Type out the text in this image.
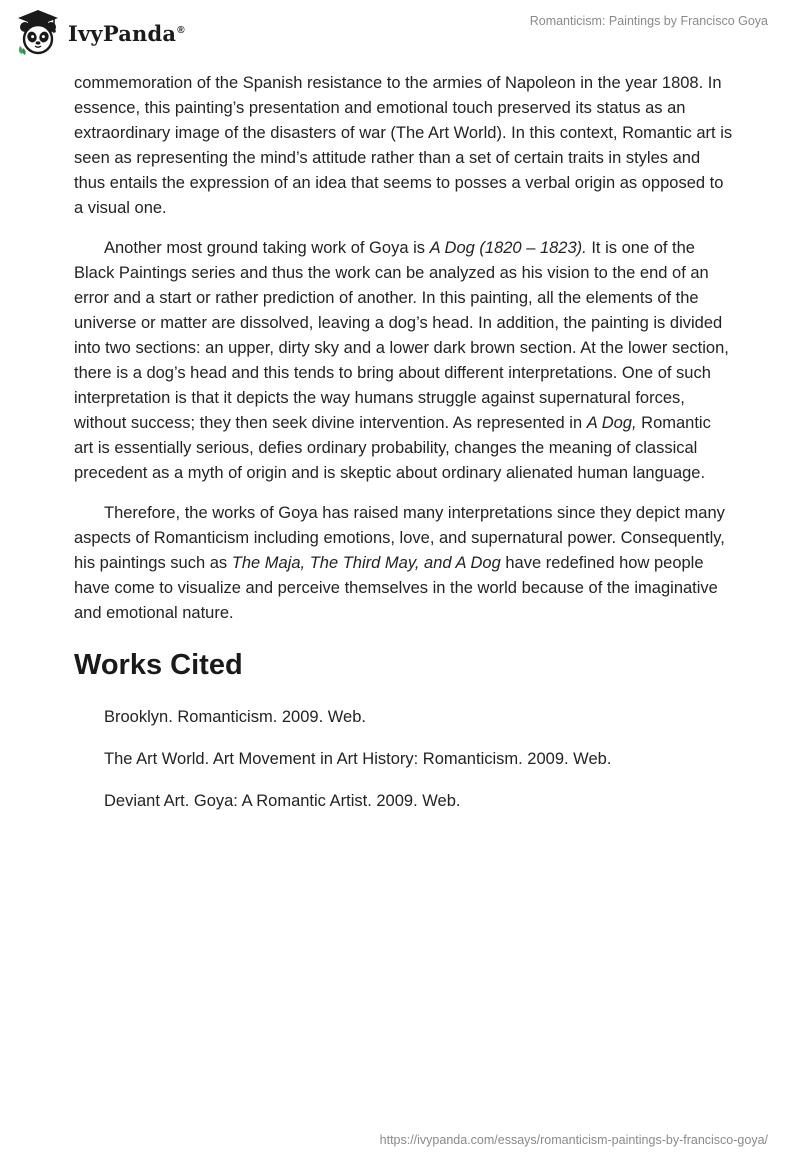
IvyPanda®
Romanticism: Paintings by Francisco Goya

commemoration of the Spanish resistance to the armies of Napoleon in the year 1808. In essence, this painting’s presentation and emotional touch preserved its status as an extraordinary image of the disasters of war (The Art World). In this context, Romantic art is seen as representing the mind’s attitude rather than a set of certain traits in styles and thus entails the expression of an idea that seems to posses a verbal origin as opposed to a visual one.

Another most ground taking work of Goya is A Dog (1820 – 1823). It is one of the Black Paintings series and thus the work can be analyzed as his vision to the end of an error and a start or rather prediction of another. In this painting, all the elements of the universe or matter are dissolved, leaving a dog’s head. In addition, the painting is divided into two sections: an upper, dirty sky and a lower dark brown section. At the lower section, there is a dog’s head and this tends to bring about different interpretations. One of such interpretation is that it depicts the way humans struggle against supernatural forces, without success; they then seek divine intervention. As represented in A Dog, Romantic art is essentially serious, defies ordinary probability, changes the meaning of classical precedent as a myth of origin and is skeptic about ordinary alienated human language.

Therefore, the works of Goya has raised many interpretations since they depict many aspects of Romanticism including emotions, love, and supernatural power. Consequently, his paintings such as The Maja, The Third May, and A Dog have redefined how people have come to visualize and perceive themselves in the world because of the imaginative and emotional nature.

Works Cited

Brooklyn. Romanticism. 2009. Web.

The Art World. Art Movement in Art History: Romanticism. 2009. Web.

Deviant Art. Goya: A Romantic Artist. 2009. Web.

https://ivypanda.com/essays/romanticism-paintings-by-francisco-goya/
